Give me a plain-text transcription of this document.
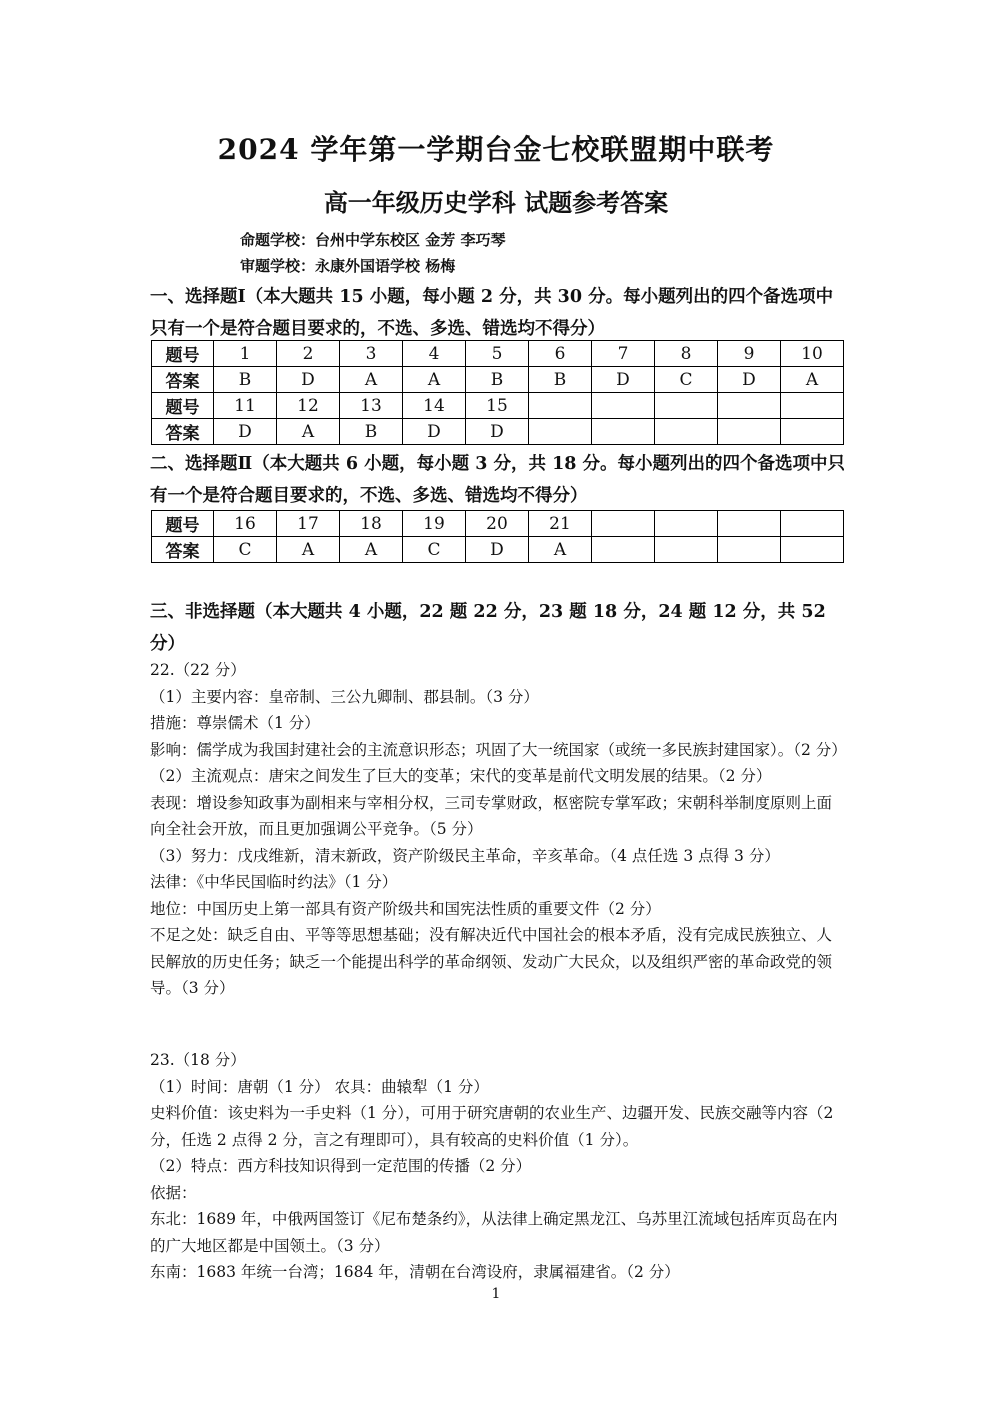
2024 学年第一学期台金七校联盟期中联考
高一年级历史学科 试题参考答案
命题学校：台州中学东校区 金芳 李巧琴
审题学校：永康外国语学校 杨梅
一、选择题Ⅰ（本大题共 15 小题，每小题 2 分，共 30 分。每小题列出的四个备选项中只有一个是符合题目要求的，不选、多选、错选均不得分）
题号	1	2	3	4	5	6	7	8	9	10
答案	B	D	A	A	B	B	D	C	D	A
题号	11	12	13	14	15					
答案	D	A	B	D	D					
二、选择题Ⅱ（本大题共 6 小题，每小题 3 分，共 18 分。每小题列出的四个备选项中只有一个是符合题目要求的，不选、多选、错选均不得分）
题号	16	17	18	19	20	21				
答案	C	A	A	C	D	A				
三、非选择题（本大题共 4 小题，22 题 22 分，23 题 18 分，24 题 12 分，共 52 分）

22.（22 分）

（1）主要内容：皇帝制、三公九卿制、郡县制。（3 分）

措施：尊崇儒术（1 分）

影响：儒学成为我国封建社会的主流意识形态；巩固了大一统国家（或统一多民族封建国家）。（2 分）

（2）主流观点：唐宋之间发生了巨大的变革；宋代的变革是前代文明发展的结果。（2 分）

表现：增设参知政事为副相来与宰相分权，三司专掌财政，枢密院专掌军政；宋朝科举制度原则上面向全社会开放，而且更加强调公平竞争。（5 分）

（3）努力：戊戌维新，清末新政，资产阶级民主革命，辛亥革命。（4 点任选 3 点得 3 分）

法律：《中华民国临时约法》（1 分）

地位：中国历史上第一部具有资产阶级共和国宪法性质的重要文件（2 分）

不足之处：缺乏自由、平等等思想基础；没有解决近代中国社会的根本矛盾，没有完成民族独立、人民解放的历史任务；缺乏一个能提出科学的革命纲领、发动广大民众，以及组织严密的革命政党的领导。（3 分）

23.（18 分）

（1）时间：唐朝（1 分） 农具：曲辕犁（1 分）

史料价值：该史料为一手史料（1 分），可用于研究唐朝的农业生产、边疆开发、民族交融等内容（2 分，任选 2 点得 2 分，言之有理即可），具有较高的史料价值（1 分）。

（2）特点：西方科技知识得到一定范围的传播（2 分）

依据：

东北：1689 年，中俄两国签订《尼布楚条约》，从法律上确定黑龙江、乌苏里江流域包括库页岛在内的广大地区都是中国领土。（3 分）

东南：1683 年统一台湾；1684 年，清朝在台湾设府，隶属福建省。（2 分）

1
